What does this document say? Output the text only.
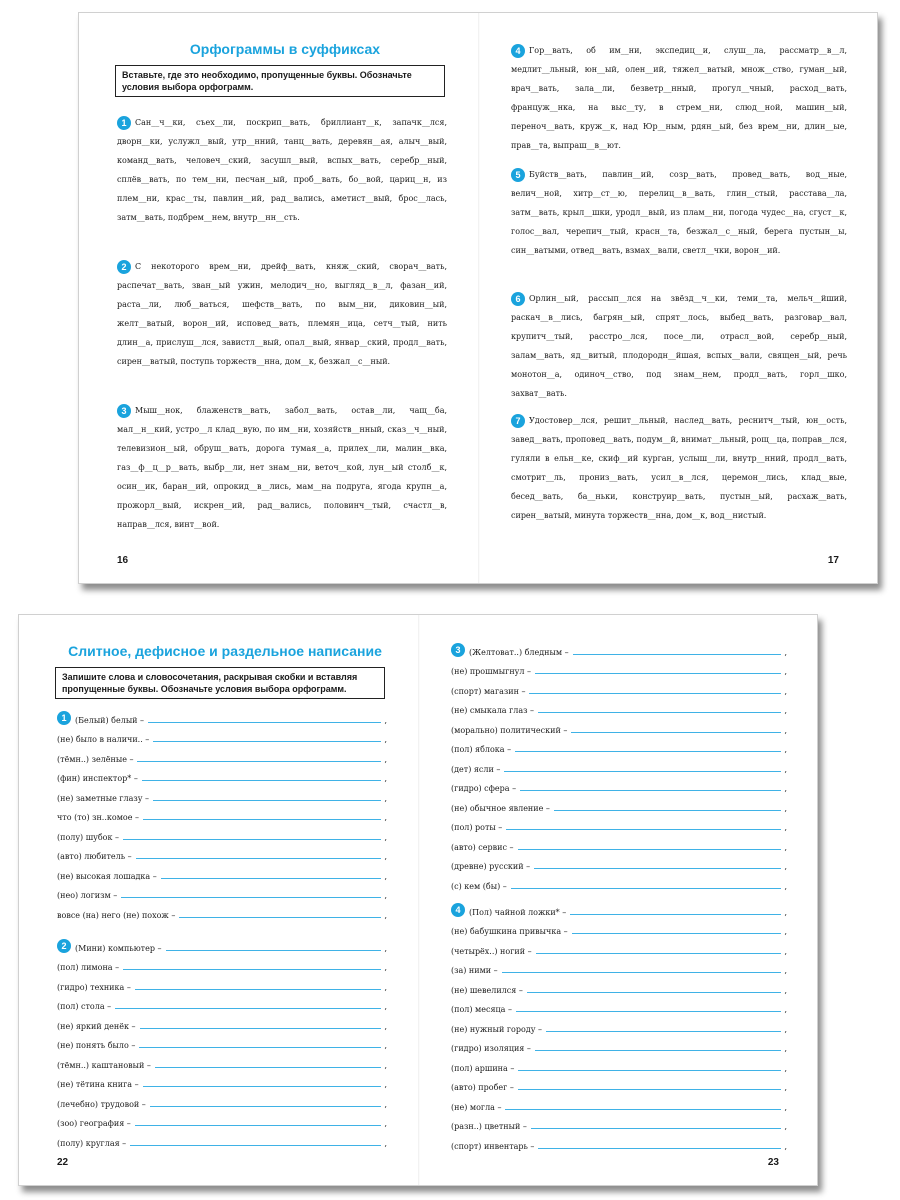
Орфограммы в суффиксах
Вставьте, где это необходимо, пропущенные буквы. Обозначьте условия выбора орфограмм.
1 Сан__ч__ки, съех__ли, поскрип__вать, бриллиант__к, запачк__лся, дворн__ки, услужл__вый, утр__нний, танц__вать, деревян__ая, алыч__вый, команд__вать, человеч__ский, засушл__вый, вспых__вать, серебр__ный, сплёв__вать, по тем__ни, песчан__ый, проб__вать, бо__вой, цариц__н, из плем__ни, крас__ты, павлин__ий, рад__вались, аметист__вый, брос__лась, затм__вать, подбрем__нем, внутр__нн__сть.
2 С некоторого врем__ни, дрейф__вать, княж__ский, сворач__вать, распечат__вать, зван__ый ужин, мелодич__но, выгляд__в__л, фазан__ий, раста__ли, люб__ваться, шефств__вать, по вым__ни, диковин__ый, желт__ватый, ворон__ий, исповед__вать, племян__ица, сетч__тый, нить длин__а, прислуш__лся, завистл__вый, опал__вый, январ__ский, продл__вать, сирен__ватый, поступь торжеств__нна, дом__к, безжал__с__ный.
3 Мыш__нок, блаженств__вать, забол__вать, остав__ли, чащ__ба, мал__н__кий, устро__л клад__вую, по им__ни, хозяйств__нный, сказ__ч__ный, телевизион__ый, обруш__вать, дорога тумая__а, прилех__ли, малин__вка, газ__ф__ц__р__вать, выбр__ли, нет знам__ни, веточ__кой, лун__ый столб__к, осин__ик, баран__ий, опрокид__в__лись, мам__на подруга, ягода крупн__а, прожорл__вый, искрен__ий, рад__вались, половинч__тый, счастл__в, направ__лся, винт__вой.
16
4 Гор__вать, об им__ни, экспедиц__и, слуш__ла, рассматр__в__л, медлит__льный, юн__ый, олен__ий, тяжел__ватый, множ__ство, гуман__ый, врач__вать, зала__ли, безветр__нный, прогул__чный, расход__вать, француж__нка, на выс__ту, в стрем__ни, слюд__ной, машин__ый, переноч__вать, круж__к, над Юр__ным, рдян__ый, без врем__ни, длин__ые, прав__та, выпраш__в__ют.
5 Буйств__вать, павлин__ий, созр__вать, провед__вать, вод__ные, велич__ной, хитр__ст__ю, перелиц__в__вать, глин__стый, расстава__ла, затм__вать, крыл__шки, уродл__вый, из плам__ни, погода чудес__на, сгуст__к, голос__вал, черепич__тый, красн__та, безжал__с__ный, берега пустын__ы, син__ватыми, отвед__вать, взмах__вали, светл__чки, ворон__ий.
6 Орлин__ый, рассып__лся на звёзд__ч__ки, теми__та, мельч__йший, раскач__в__лись, багрян__ый, спрят__лось, выбед__вать, разговар__вал, крупитч__тый, расстро__лся, посе__ли, отрасл__вой, серебр__ный, залам__вать, яд__витый, плодородн__йшая, вспых__вали, священ__ый, речь монотон__а, одиноч__ство, под знам__нем, продл__вать, горл__шко, захват__вать.
7 Удостовер__лся, решит__льный, наслед__вать, реснитч__тый, юн__ость, завед__вать, проповед__вать, подум__й, внимат__льный, рощ__ца, поправ__лся, гуляли в ельн__ке, скиф__ий курган, услыш__ли, внутр__нний, продл__вать, смотрит__ль, прониз__вать, усил__в__лся, церемон__лись, клад__вые, бесед__вать, ба__ньки, конструир__вать, пустын__ый, расхаж__вать, сирен__ватый, минута торжеств__нна, дом__к, вод__нистый.
17
Слитное, дефисное и раздельное написание
Запишите слова и словосочетания, раскрывая скобки и вставляя пропущенные буквы. Обозначьте условия выбора орфограмм.
1	(Белый) белый –	,
(не) было в наличи.. –	,
(тёмн..) зелёные –	,
(фин) инспектор* –	,
(не) заметные глазу –	,
что (то) зн..комое –	,
(полу) шубок –	,
(авто) любитель –	,
(не) высокая лошадка –	,
(нео) логизм –	,
вовсе (на) него (не) похож –	,
2	(Мини) компьютер –	,
(пол) лимона –	,
(гидро) техника –	,
(пол) стола –	,
(не) яркий денёк –	,
(не) понять было –	,
(тёмн..) каштановый –	,
(не) тётина книга –	,
(лечебно) трудовой –	,
(зоо) география –	,
(полу) круглая –	,
22
3	(Желтоват..) бледным –	,
(не) прошмыгнул –	,
(спорт) магазин –	,
(не) смыкала глаз –	,
(морально) политический –	,
(пол) яблока –	,
(дет) ясли –	,
(гидро) сфера –	,
(не) обычное явление –	,
(пол) роты –	,
(авто) сервис –	,
(древне) русский –	,
(с) кем (бы) –	,
4	(Пол) чайной ложки* –	,
(не) бабушкина привычка –	,
(четырёх..) ногий –	,
(за) ними –	,
(не) шевелился –	,
(пол) месяца –	,
(не) нужный городу –	,
(гидро) изоляция –	,
(пол) аршина –	,
(авто) пробег –	,
(не) могла –	,
(разн..) цветный –	,
(спорт) инвентарь –	,
23
